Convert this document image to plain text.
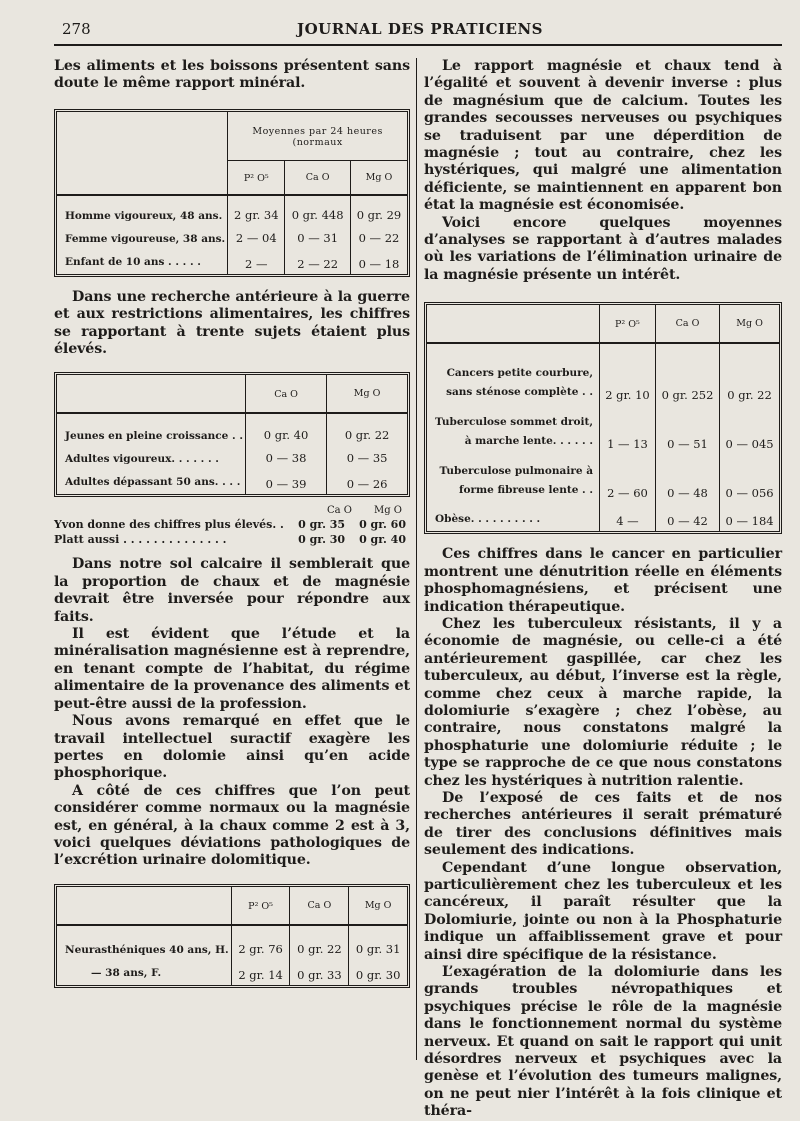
278	JOURNAL DES PRATICIENS

Les aliments et les boissons présentent sans doute le même rapport minéral.

	Moyennes par 24 heures (normaux		
	P² O⁵	Ca O	Mg O
Homme vigoureux, 48 ans.	2 gr. 34	0 gr. 448	0 gr. 29
Femme vigoureuse, 38 ans.	2 — 04	0 — 31	0 — 22
Enfant de 10 ans . . . . .	2 —	2 — 22	0 — 18

Dans une recherche antérieure à la guerre et aux restrictions alimentaires, les chiffres se rapportant à trente sujets étaient plus élevés.

	Ca O	Mg O
Jeunes en pleine croissance . .	0 gr. 40	0 gr. 22
Adultes vigoureux. . . . . . .	0 — 38	0 — 35
Adultes dépassant 50 ans. . . .	0 — 39	0 — 26
Ca O Mg O
Yvon donne des chiffres plus élevés. . 0 gr. 35 0 gr. 60
Platt aussi . . . . . . . . . . . . . .	0 gr. 30 0 gr. 40

Dans notre sol calcaire il semblerait que la proportion de chaux et de magnésie devrait être inversée pour répondre aux faits.

Il est évident que l’étude et la minéralisation magnésienne est à reprendre, en tenant compte de l’habitat, du régime alimentaire de la provenance des aliments et peut-être aussi de la profession.

Nous avons remarqué en effet que le travail intellectuel suractif exagère les pertes en dolomie ainsi qu’en acide phosphorique.

A côté de ces chiffres que l’on peut considérer comme normaux ou la magnésie est, en général, à la chaux comme 2 est à 3, voici quelques déviations pathologiques de l’excrétion urinaire dolomitique.

	P² O⁵	Ca O	Mg O
Neurasthéniques 40 ans, H.	2 gr. 76	0 gr. 22	0 gr. 31
— 38 ans, F.	2 gr. 14	0 gr. 33	0 gr. 30

Le rapport magnésie et chaux tend à l’égalité et souvent à devenir inverse : plus de magnésium que de calcium. Toutes les grandes secousses nerveuses ou psychiques se traduisent par une déperdition de magnésie ; tout au contraire, chez les hystériques, qui malgré une alimentation déficiente, se maintiennent en apparent bon état la magnésie est économisée.

Voici encore quelques moyennes d’analyses se rapportant à d’autres malades où les variations de l’élimination urinaire de la magnésie présente un intérêt.

	P² O⁵	Ca O	Mg O

Cancers petite courbure,
sans sténose complète . .	2 gr. 10	0 gr. 252	0 gr. 22

Tuberculose sommet droit,
à marche lente. . . . . .	1 — 13	0 — 51	0 — 045

Tuberculose pulmonaire à
forme fibreuse lente . .	2 — 60	0 — 48	0 — 056
Obèse. . . . . . . . . .	4 —	0 — 42	0 — 184

Ces chiffres dans le cancer en particulier montrent une dénutrition réelle en éléments phosphomagnésiens, et précisent une indication thérapeutique.

Chez les tuberculeux résistants, il y a économie de magnésie, ou celle-ci a été antérieurement gaspillée, car chez les tuberculeux, au début, l’inverse est la règle, comme chez ceux à marche rapide, la dolomiurie s’exagère ; chez l’obèse, au contraire, nous constatons malgré la phosphaturie une dolomiurie réduite ; le type se rapproche de ce que nous constatons chez les hystériques à nutrition ralentie.

De l’exposé de ces faits et de nos recherches antérieures il serait prématuré de tirer des conclusions définitives mais seulement des indications.

Cependant d’une longue observation, particulièrement chez les tuberculeux et les cancéreux, il paraît résulter que la Dolomiurie, jointe ou non à la Phosphaturie indique un affaiblissement grave et pour ainsi dire spécifique de la résistance.

L’exagération de la dolomiurie dans les grands troubles névropathiques et psychiques précise le rôle de la magnésie dans le fonctionnement normal du système nerveux. Et quand on sait le rapport qui unit désordres nerveux et psychiques avec la genèse et l’évolution des tumeurs malignes, on ne peut nier l’intérêt à la fois clinique et théra-
